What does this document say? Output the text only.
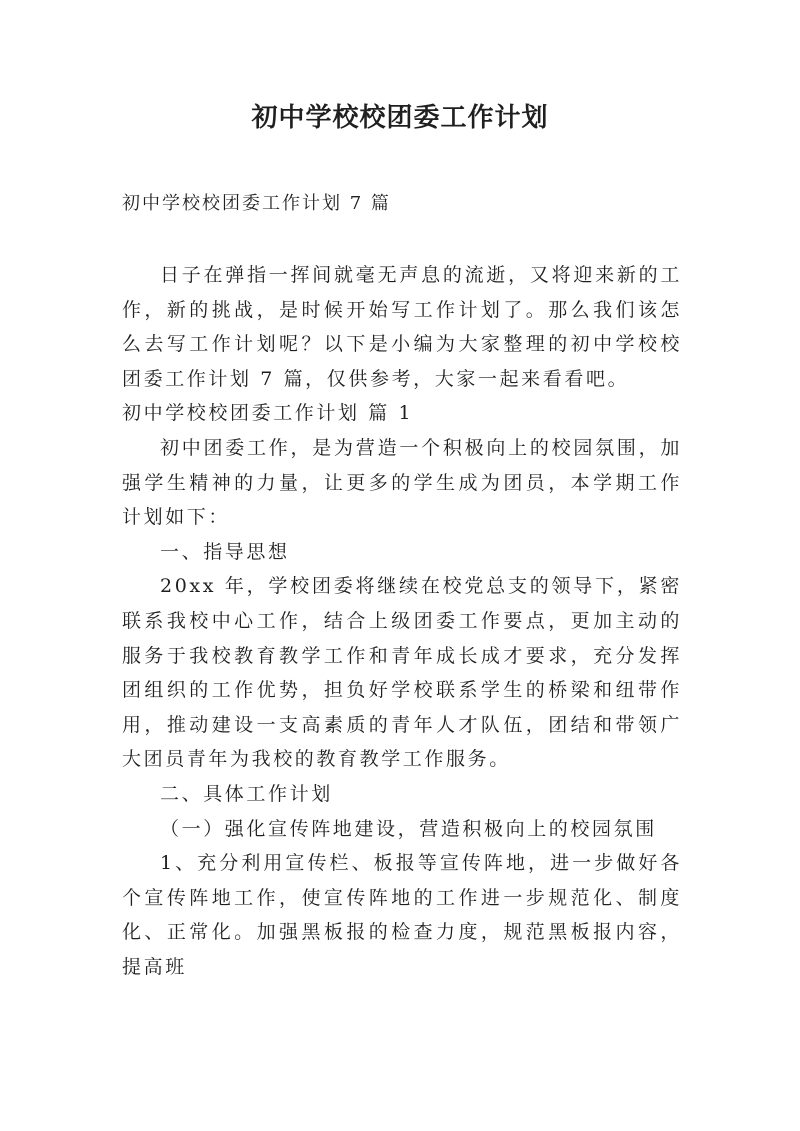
初中学校校团委工作计划
初中学校校团委工作计划 7 篇

日子在弹指一挥间就毫无声息的流逝，又将迎来新的工作，新的挑战，是时候开始写工作计划了。那么我们该怎么去写工作计划呢？以下是小编为大家整理的初中学校校团委工作计划 7 篇，仅供参考，大家一起来看看吧。

初中学校校团委工作计划 篇 1

初中团委工作，是为营造一个积极向上的校园氛围，加强学生精神的力量，让更多的学生成为团员，本学期工作计划如下：

一、指导思想

20xx 年，学校团委将继续在校党总支的领导下，紧密联系我校中心工作，结合上级团委工作要点，更加主动的服务于我校教育教学工作和青年成长成才要求，充分发挥团组织的工作优势，担负好学校联系学生的桥梁和纽带作用，推动建设一支高素质的青年人才队伍，团结和带领广大团员青年为我校的教育教学工作服务。

二、具体工作计划

（一）强化宣传阵地建设，营造积极向上的校园氛围

1、充分利用宣传栏、板报等宣传阵地，进一步做好各个宣传阵地工作，使宣传阵地的工作进一步规范化、制度化、正常化。加强黑板报的检查力度，规范黑板报内容，提高班
